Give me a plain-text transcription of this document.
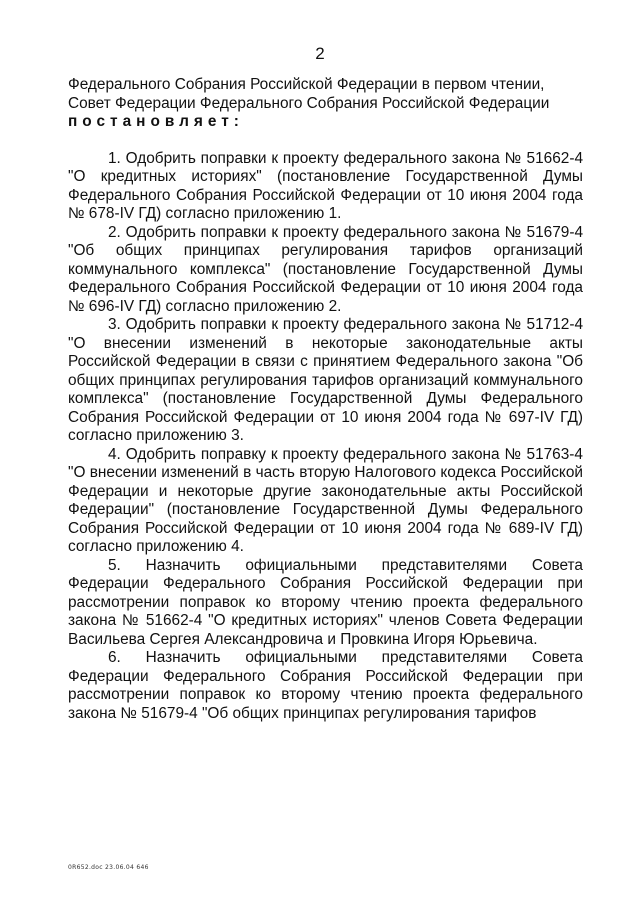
2

Федерального Собрания Российской Федерации в первом чтении,

Совет Федерации Федерального Собрания Российской Федерации

постановляет:

1. Одобрить поправки к проекту федерального закона № 51662-4 "О кредитных историях" (постановление Государственной Думы Федерального Собрания Российской Федерации от 10 июня 2004 года № 678-IV ГД) согласно приложению 1.

2. Одобрить поправки к проекту федерального закона № 51679-4 "Об общих принципах регулирования тарифов организаций коммунального комплекса" (постановление Государственной Думы Федерального Собрания Российской Федерации от 10 июня 2004 года № 696-IV ГД) согласно приложению 2.

3. Одобрить поправки к проекту федерального закона № 51712-4 "О внесении изменений в некоторые законодательные акты Российской Федерации в связи с принятием Федерального закона "Об общих принципах регулирования тарифов организаций коммунального комплекса" (постановление Государственной Думы Федерального Собрания Российской Федерации от 10 июня 2004 года № 697-IV ГД) согласно приложению 3.

4. Одобрить поправку к проекту федерального закона № 51763-4 "О внесении изменений в часть вторую Налогового кодекса Российской Федерации и некоторые другие законодательные акты Российской Федерации" (постановление Государственной Думы Федерального Собрания Российской Федерации от 10 июня 2004 года № 689-IV ГД) согласно приложению 4.

5. Назначить официальными представителями Совета Федерации Федерального Собрания Российской Федерации при рассмотрении поправок ко второму чтению проекта федерального закона № 51662-4 "О кредитных историях" членов Совета Федерации Васильева Сергея Александровича и Провкина Игоря Юрьевича.

6. Назначить официальными представителями Совета Федерации Федерального Собрания Российской Федерации при рассмотрении поправок ко второму чтению проекта федерального закона № 51679-4 "Об общих принципах регулирования тарифов

0R652.doc 23.06.04 646
